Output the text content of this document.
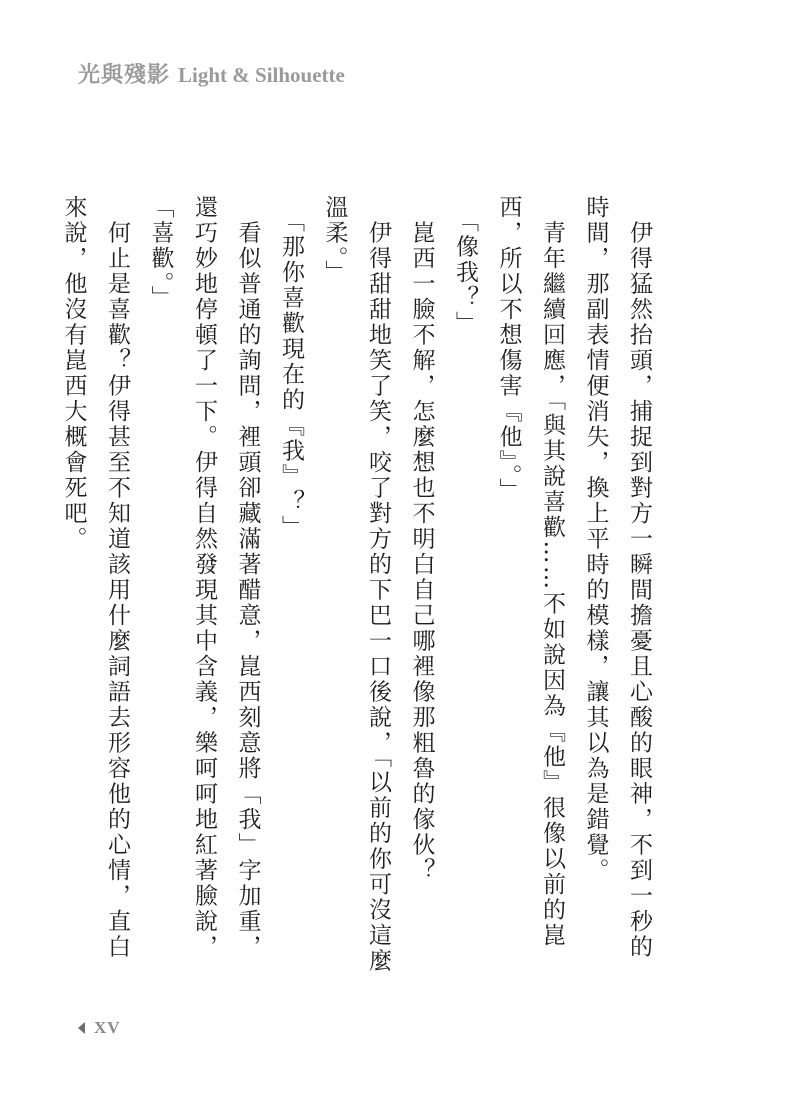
光與殘影 Light & Silhouette

　伊得猛然抬頭，捕捉到對方一瞬間擔憂且心酸的眼神，不到一秒的時間，那副表情便消失，換上平時的模樣，讓其以為是錯覺。

　青年繼續回應，「與其說喜歡……不如說因為『他』很像以前的崑西，所以不想傷害『他』。」

　「像我？」

　崑西一臉不解，怎麼想也不明白自己哪裡像那粗魯的傢伙？

　伊得甜甜地笑了笑，咬了對方的下巴一口後說，「以前的你可沒這麼溫柔。」

　「那你喜歡現在的『我』？」

　看似普通的詢問，裡頭卻藏滿著醋意，崑西刻意將「我」字加重，還巧妙地停頓了一下。伊得自然發現其中含義，樂呵呵地紅著臉說，「喜歡。」

　何止是喜歡？伊得甚至不知道該用什麼詞語去形容他的心情，直白來說，他沒有崑西大概會死吧。

XV
